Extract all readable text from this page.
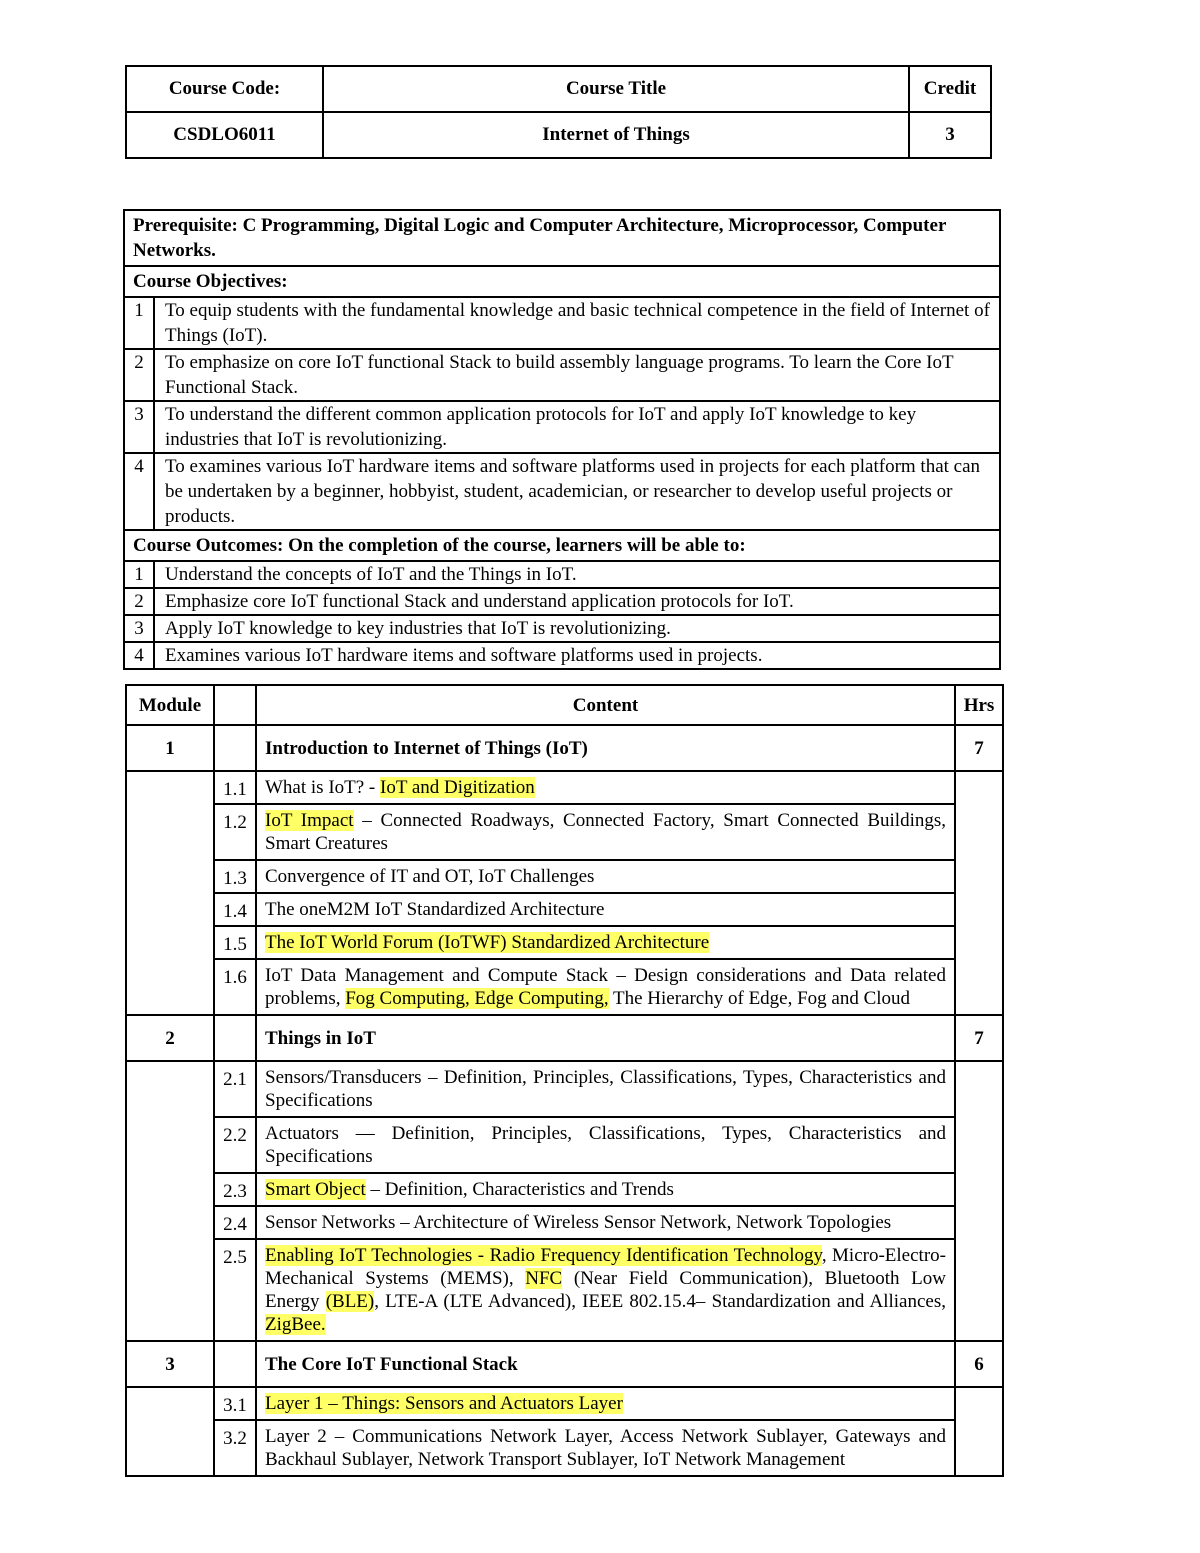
Course Code:	Course Title	Credit
CSDLO6011	Internet of Things	3
Prerequisite: C Programming, Digital Logic and Computer Architecture, Microprocessor, Computer Networks.	
Course Objectives:	
1	To equip students with the fundamental knowledge and basic technical competence in the field of Internet of Things (IoT).
2	To emphasize on core IoT functional Stack to build assembly language programs. To learn the Core IoT Functional Stack.
3	To understand the different common application protocols for IoT and apply IoT knowledge to key industries that IoT is revolutionizing.
4	To examines various IoT hardware items and software platforms used in projects for each platform that can be undertaken by a beginner, hobbyist, student, academician, or researcher to develop useful projects or products.
Course Outcomes: On the completion of the course, learners will be able to:	
1	Understand the concepts of IoT and the Things in IoT.
2	Emphasize core IoT functional Stack and understand application protocols for IoT.
3	Apply IoT knowledge to key industries that IoT is revolutionizing.
4	Examines various IoT hardware items and software platforms used in projects.
Module		Content	Hrs
1		Introduction to Internet of Things (IoT)	7
	1.1	What is IoT? - IoT and Digitization	
	1.2	IoT Impact – Connected Roadways, Connected Factory, Smart Connected Buildings, Smart Creatures	
	1.3	Convergence of IT and OT, IoT Challenges	
	1.4	The oneM2M IoT Standardized Architecture	
	1.5	The IoT World Forum (IoTWF) Standardized Architecture	
	1.6	IoT Data Management and Compute Stack – Design considerations and Data related problems, Fog Computing, Edge Computing, The Hierarchy of Edge, Fog and Cloud	
2		Things in IoT	7
	2.1	Sensors/Transducers – Definition, Principles, Classifications, Types, Characteristics and Specifications	
	2.2	Actuators — Definition, Principles, Classifications, Types, Characteristics and Specifications	
	2.3	Smart Object – Definition, Characteristics and Trends	
	2.4	Sensor Networks – Architecture of Wireless Sensor Network, Network Topologies	
	2.5	Enabling IoT Technologies - Radio Frequency Identification Technology, Micro-Electro-Mechanical Systems (MEMS), NFC (Near Field Communication), Bluetooth Low Energy (BLE), LTE-A (LTE Advanced), IEEE 802.15.4– Standardization and Alliances, ZigBee.	
3		The Core IoT Functional Stack	6
	3.1	Layer 1 – Things: Sensors and Actuators Layer	
	3.2	Layer 2 – Communications Network Layer, Access Network Sublayer, Gateways and Backhaul Sublayer, Network Transport Sublayer, IoT Network Management	
